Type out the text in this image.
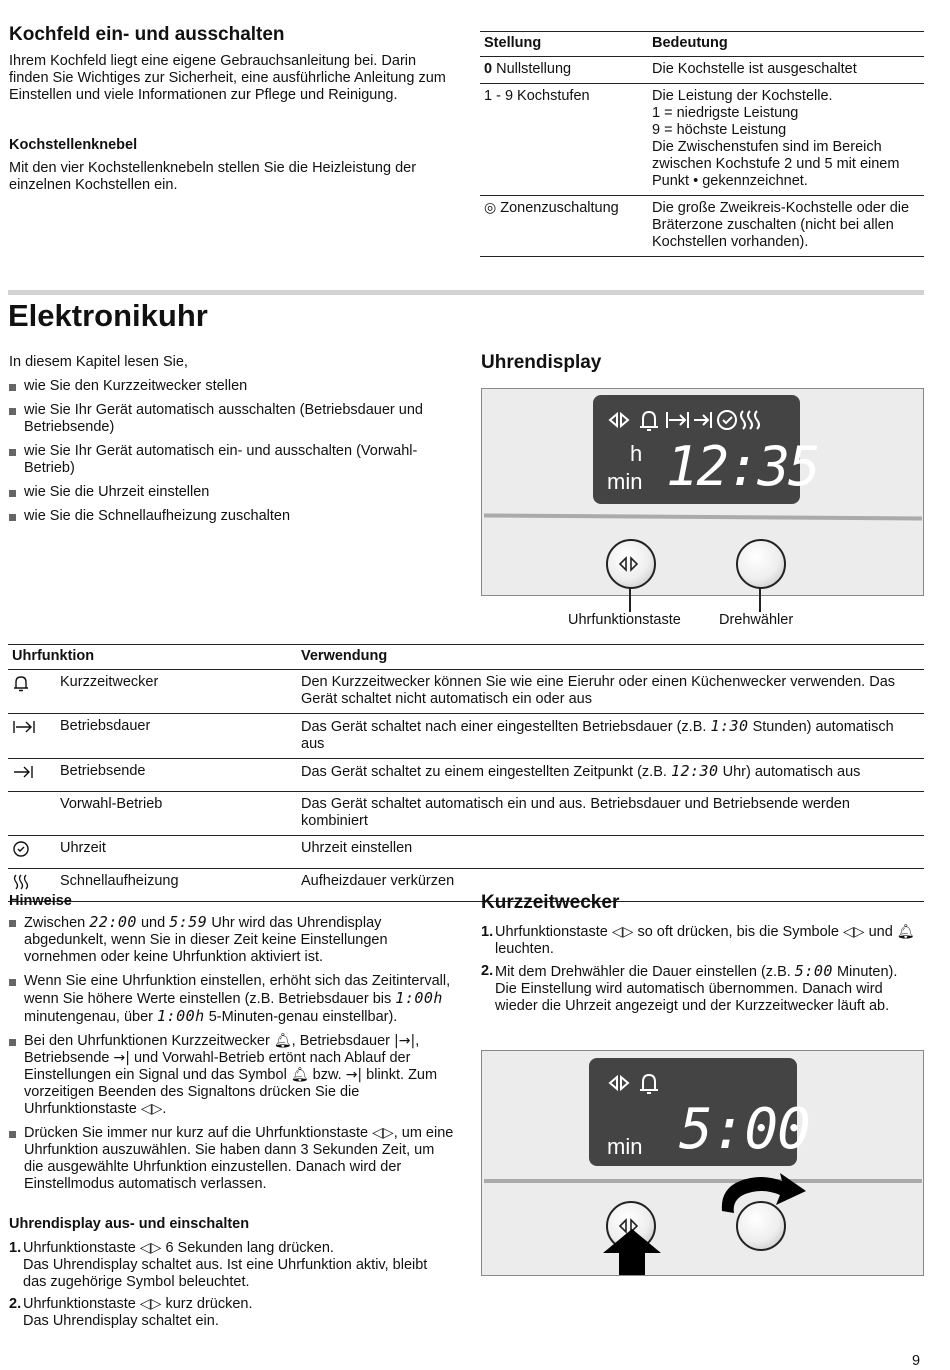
Kochfeld ein- und ausschalten

Ihrem Kochfeld liegt eine eigene Gebrauchsanleitung bei. Darin finden Sie Wichtiges zur Sicherheit, eine ausführliche Anleitung zum Einstellen und viele Informationen zur Pflege und Reinigung.

Kochstellenknebel

Mit den vier Kochstellenknebeln stellen Sie die Heizleistung der einzelnen Kochstellen ein.

Stellung	Bedeutung
0 Nullstellung	Die Kochstelle ist ausgeschaltet
1 - 9 Kochstufen	Die Leistung der Kochstelle.
1 = niedrigste Leistung
9 = höchste Leistung
Die Zwischenstufen sind im Bereich zwischen Kochstufe 2 und 5 mit einem Punkt • gekennzeichnet.
◎ Zonenzuschaltung	Die große Zweikreis-Kochstelle oder die Bräterzone zuschalten (nicht bei allen Kochstellen vorhanden).
Elektronikuhr

In diesem Kapitel lesen Sie,

wie Sie den Kurzzeitwecker stellen
wie Sie Ihr Gerät automatisch ausschalten (Betriebsdauer und Betriebsende)
wie Sie Ihr Gerät automatisch ein- und ausschalten (Vorwahl-Betrieb)
wie Sie die Uhrzeit einstellen
wie Sie die Schnellaufheizung zuschalten
Uhrendisplay
h
min 12:35
Uhrfunktionstaste	Drehwähler
Uhrfunktion		Verwendung
	Kurzzeitwecker	Den Kurzzeitwecker können Sie wie eine Eieruhr oder einen Küchenwecker verwenden. Das Gerät schaltet nicht automatisch ein oder aus
	Betriebsdauer	Das Gerät schaltet nach einer eingestellten Betriebsdauer (z.B. 1:30 Stunden) automatisch aus
	Betriebsende	Das Gerät schaltet zu einem eingestellten Zeitpunkt (z.B. 12:30 Uhr) automatisch aus
	Vorwahl-Betrieb	Das Gerät schaltet automatisch ein und aus. Betriebsdauer und Betriebsende werden kombiniert
	Uhrzeit	Uhrzeit einstellen
	Schnellaufheizung	Aufheizdauer verkürzen
Hinweise
Zwischen 22:00 und 5:59 Uhr wird das Uhrendisplay abgedunkelt, wenn Sie in dieser Zeit keine Einstellungen vornehmen oder keine Uhrfunktion aktiviert ist.
Wenn Sie eine Uhrfunktion einstellen, erhöht sich das Zeitintervall, wenn Sie höhere Werte einstellen (z.B. Betriebsdauer bis 1:00h minutengenau, über 1:00h 5-Minuten-genau einstellbar).
Bei den Uhrfunktionen Kurzzeitwecker 🔔︎, Betriebsdauer |→|, Betriebsende →| und Vorwahl-Betrieb ertönt nach Ablauf der Einstellungen ein Signal und das Symbol 🔔︎ bzw. →| blinkt. Zum vorzeitigen Beenden des Signaltons drücken Sie die Uhrfunktionstaste ◁▷.
Drücken Sie immer nur kurz auf die Uhrfunktionstaste ◁▷, um eine Uhrfunktion auszuwählen. Sie haben dann 3 Sekunden Zeit, um die ausgewählte Uhrfunktion einzustellen. Danach wird der Einstellmodus automatisch verlassen.
Uhrendisplay aus- und einschalten
1. Uhrfunktionstaste ◁▷ 6 Sekunden lang drücken.
Das Uhrendisplay schaltet aus. Ist eine Uhrfunktion aktiv, bleibt das zugehörige Symbol beleuchtet.
2. Uhrfunktionstaste ◁▷ kurz drücken.
Das Uhrendisplay schaltet ein.
Kurzzeitwecker
1. Uhrfunktionstaste ◁▷ so oft drücken, bis die Symbole ◁▷ und 🔔︎ leuchten.
2. Mit dem Drehwähler die Dauer einstellen (z.B. 5:00 Minuten).
Die Einstellung wird automatisch übernommen. Danach wird wieder die Uhrzeit angezeigt und der Kurzzeitwecker läuft ab.
min 5:00
9
